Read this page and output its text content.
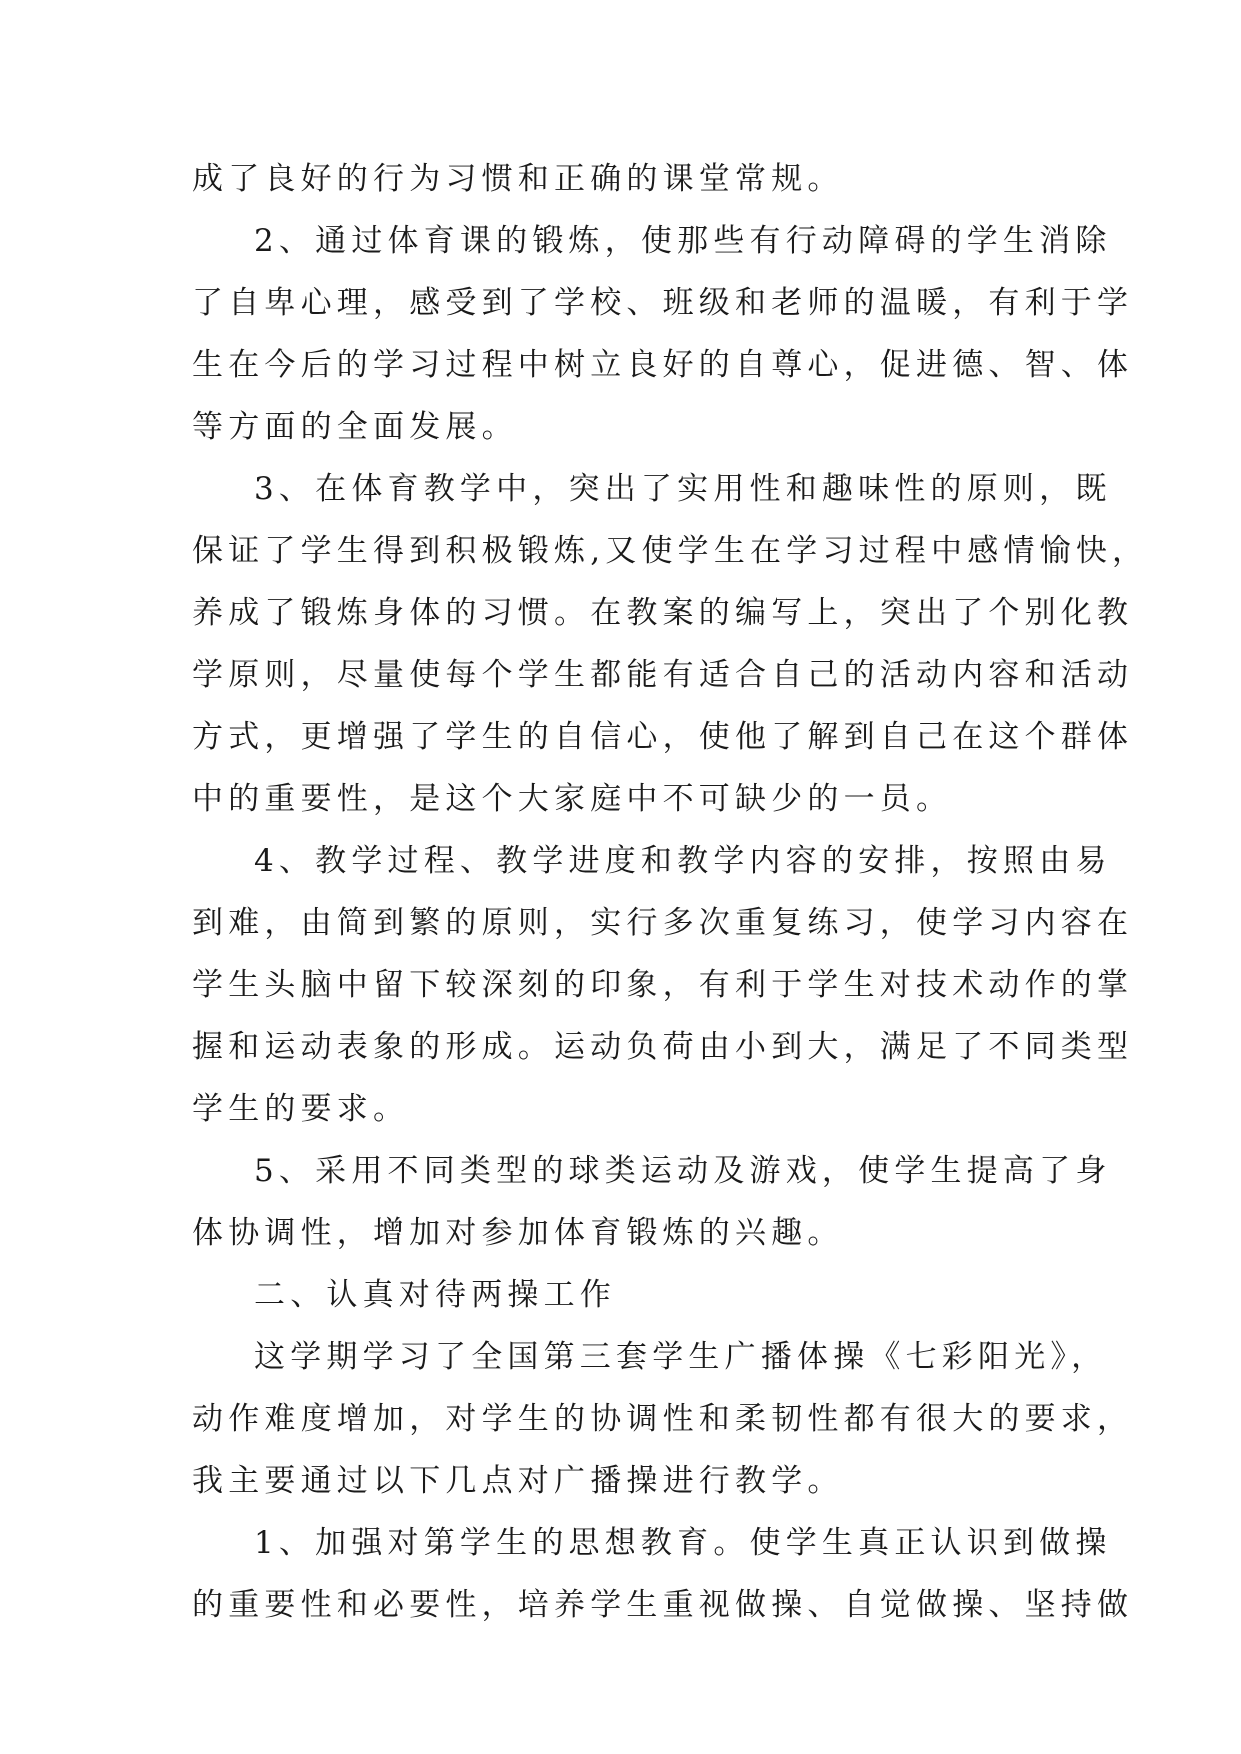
成了良好的行为习惯和正确的课堂常规。
2、通过体育课的锻炼，使那些有行动障碍的学生消除
了自卑心理，感受到了学校、班级和老师的温暖，有利于学
生在今后的学习过程中树立良好的自尊心，促进德、智、体
等方面的全面发展。
3、在体育教学中，突出了实用性和趣味性的原则，既
保证了学生得到积极锻炼,又使学生在学习过程中感情愉快，
养成了锻炼身体的习惯。在教案的编写上，突出了个别化教
学原则，尽量使每个学生都能有适合自己的活动内容和活动
方式，更增强了学生的自信心，使他了解到自己在这个群体
中的重要性，是这个大家庭中不可缺少的一员。
4、教学过程、教学进度和教学内容的安排，按照由易
到难，由简到繁的原则，实行多次重复练习，使学习内容在
学生头脑中留下较深刻的印象，有利于学生对技术动作的掌
握和运动表象的形成。运动负荷由小到大，满足了不同类型
学生的要求。
5、采用不同类型的球类运动及游戏，使学生提高了身
体协调性，增加对参加体育锻炼的兴趣。
二、认真对待两操工作
这学期学习了全国第三套学生广播体操《七彩阳光》，
动作难度增加，对学生的协调性和柔韧性都有很大的要求，
我主要通过以下几点对广播操进行教学。
1、加强对第学生的思想教育。使学生真正认识到做操
的重要性和必要性，培养学生重视做操、自觉做操、坚持做
